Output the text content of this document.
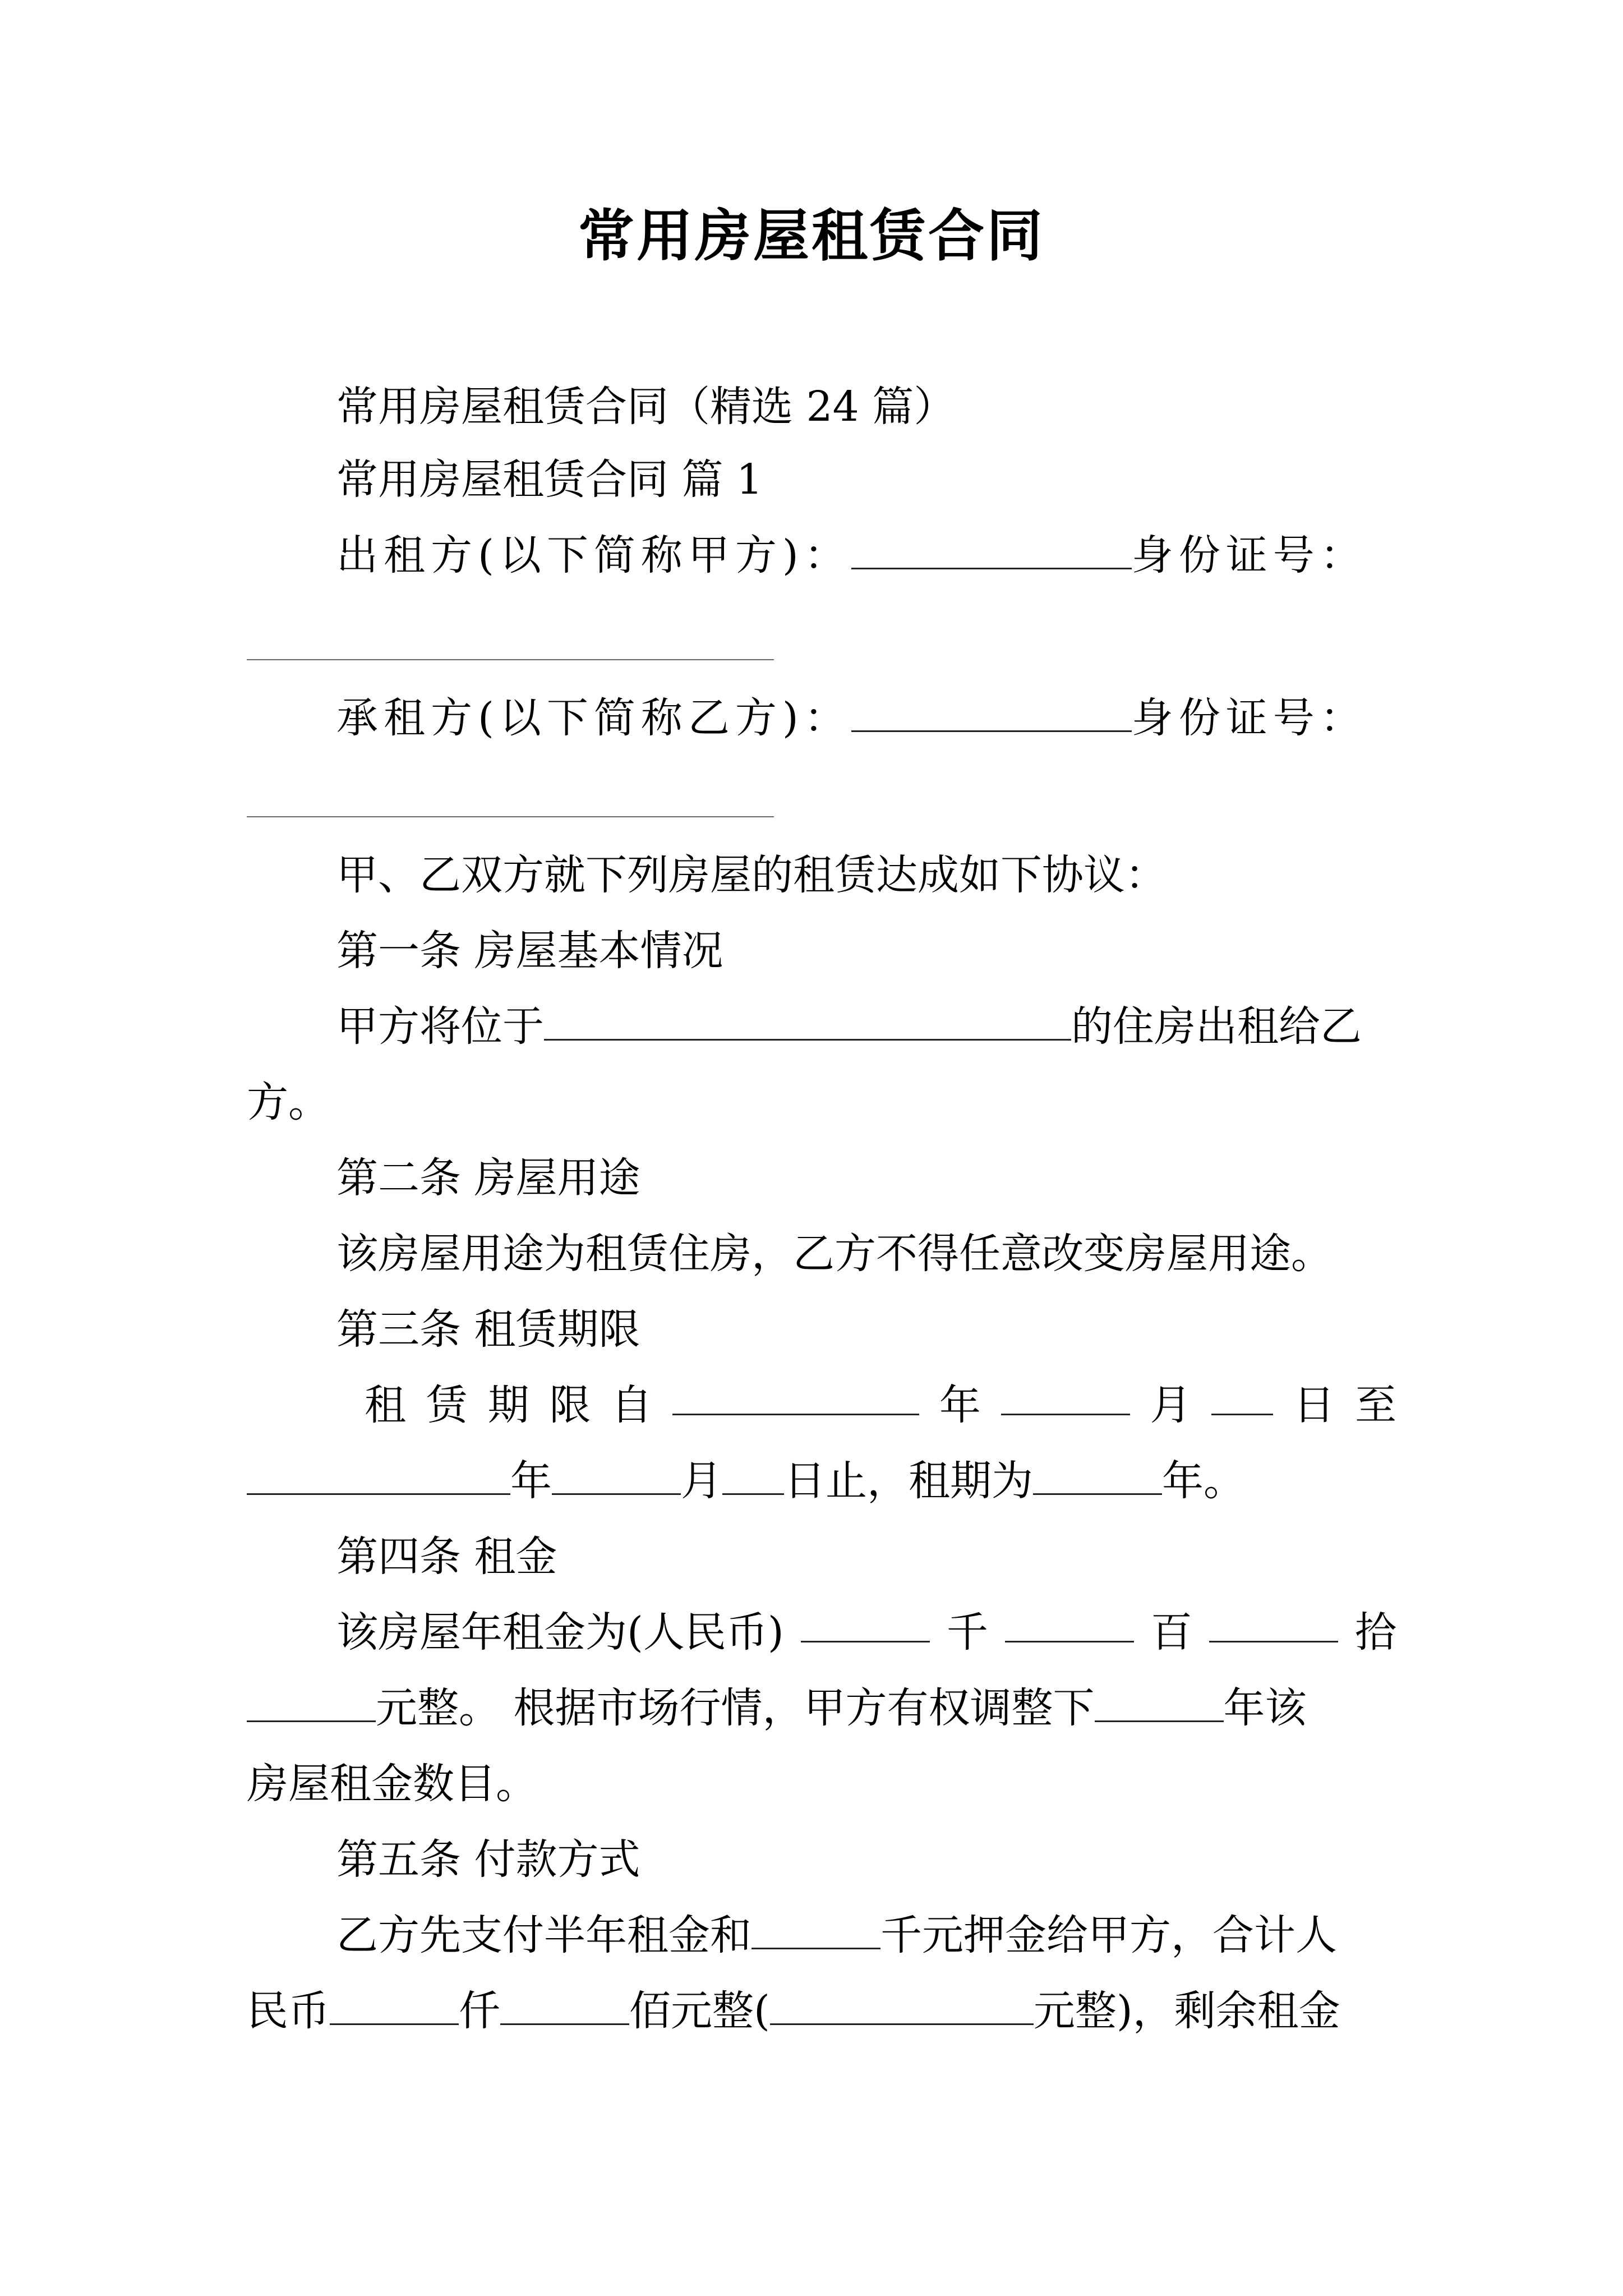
常用房屋租赁合同
常用房屋租赁合同（精选 24 篇）
常用房屋租赁合同 篇 1
出租方(以下简称甲方)：	身份证号：
承租方(以下简称乙方)：	身份证号：
甲、乙双方就下列房屋的租赁达成如下协议：
第一条 房屋基本情况
甲方将位于	的住房出租给乙
方。
第二条 房屋用途
该房屋用途为租赁住房，乙方不得任意改变房屋用途。
第三条 租赁期限
租 赁 期 限 自	年	月 日 至
年	月 日止，租期为	年。
第四条 租金
该房屋年租金为(人民币)	千	百	拾
元整。 根据市场行情，甲方有权调整下	年该
房屋租金数目。
第五条 付款方式
乙方先支付半年租金和	千元押金给甲方，合计人
民币	仟	佰元整(	元整)，剩余租金
